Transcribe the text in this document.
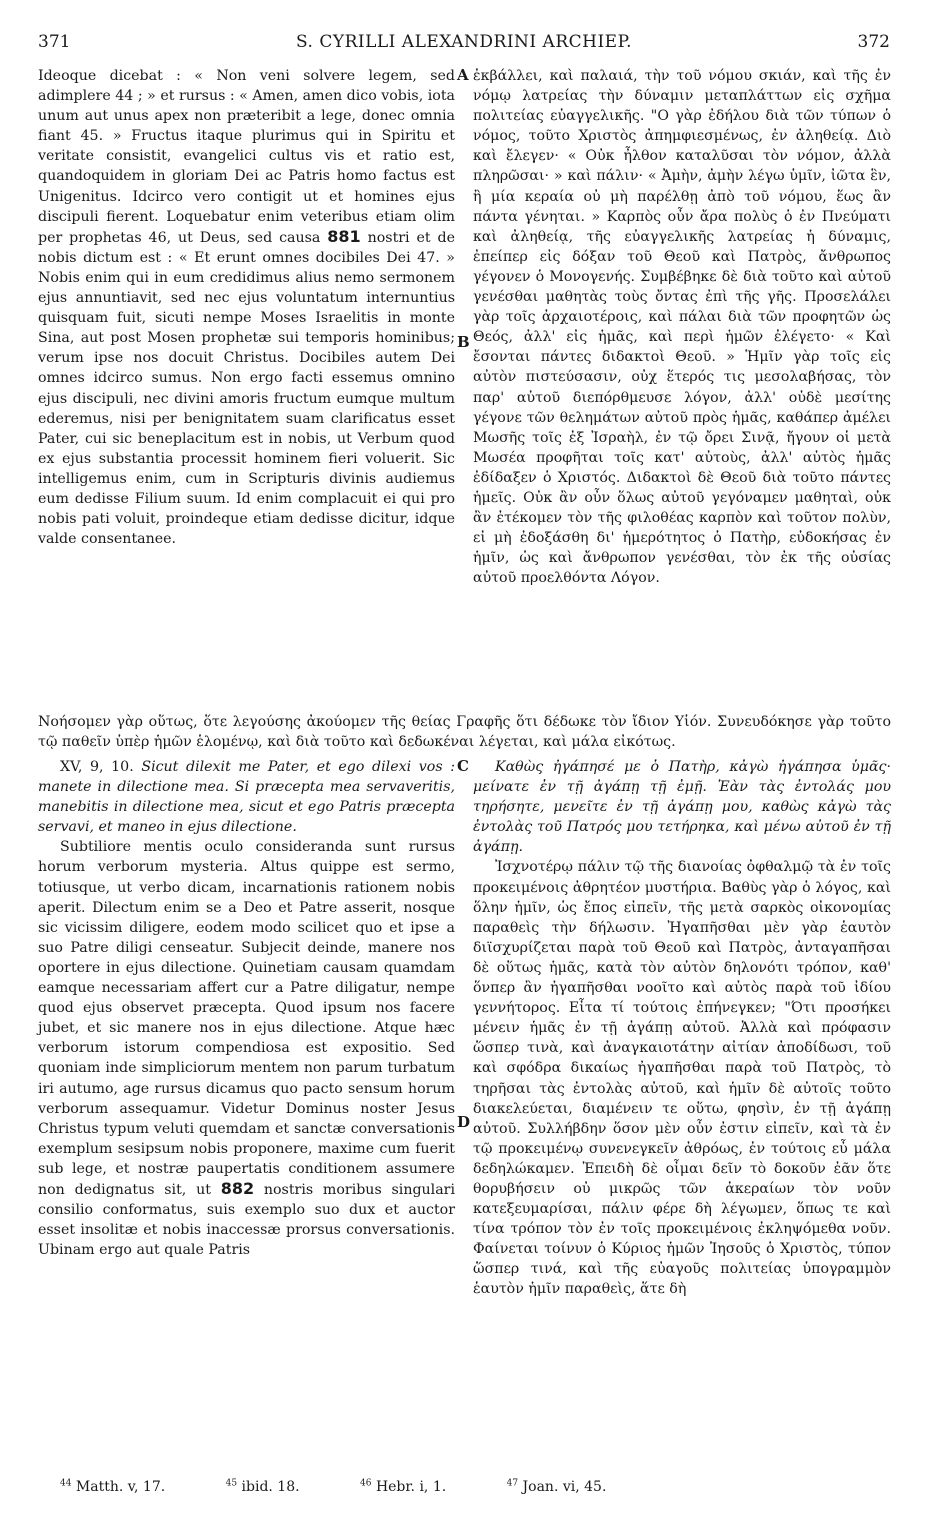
371	S. CYRILLI ALEXANDRINI ARCHIEP.	372
A
B
C
D

Ideoque dicebat : « Non veni solvere legem, sed adimplere 44 ; » et rursus : « Amen, amen dico vobis, iota unum aut unus apex non præteribit a lege, donec omnia fiant 45. » Fructus itaque plurimus qui in Spiritu et veritate consistit, evangelici cultus vis et ratio est, quandoquidem in gloriam Dei ac Patris homo factus est Unigenitus. Idcirco vero contigit ut et homines ejus discipuli fierent. Loquebatur enim veteribus etiam olim per prophetas 46, ut Deus, sed causa 881 nostri et de nobis dictum est : « Et erunt omnes docibiles Dei 47. » Nobis enim qui in eum credidimus alius nemo sermonem ejus annuntiavit, sed nec ejus voluntatum internuntius quisquam fuit, sicuti nempe Moses Israelitis in monte Sina, aut post Mosen prophetæ sui temporis hominibus; verum ipse nos docuit Christus. Docibiles autem Dei omnes idcirco sumus. Non ergo facti essemus omnino ejus discipuli, nec divini amoris fructum eumque multum ederemus, nisi per benignitatem suam clarificatus esset Pater, cui sic beneplacitum est in nobis, ut Verbum quod ex ejus substantia processit hominem fieri voluerit. Sic intelligemus enim, cum in Scripturis divinis audiemus eum dedisse Filium suum. Id enim complacuit ei qui pro nobis pati voluit, proindeque etiam dedisse dicitur, idque valde consentanee.

ἐκβάλλει, καὶ παλαιά, τὴν τοῦ νόμου σκιάν, καὶ τῆς ἐν νόμῳ λατρείας τὴν δύναμιν μεταπλάττων εἰς σχῆμα πολιτείας εὐαγγελικῆς. "Ο γὰρ ἐδήλου διὰ τῶν τύπων ὁ νόμος, τοῦτο Χριστὸς ἀπημφιεσμένως, ἐν ἀληθείᾳ. Διὸ καὶ ἔλεγεν· « Οὐκ ἦλθον καταλῦσαι τὸν νόμον, ἀλλὰ πληρῶσαι· » καὶ πάλιν· « Ἀμὴν, ἀμὴν λέγω ὑμῖν, ἰῶτα ἓν, ἢ μία κεραία οὐ μὴ παρέλθῃ ἀπὸ τοῦ νόμου, ἕως ἂν πάντα γένηται. » Καρπὸς οὖν ἄρα πολὺς ὁ ἐν Πνεύματι καὶ ἀληθείᾳ, τῆς εὐαγγελικῆς λατρείας ἡ δύναμις, ἐπείπερ εἰς δόξαν τοῦ Θεοῦ καὶ Πατρὸς, ἄνθρωπος γέγονεν ὁ Μονογενής. Συμβέβηκε δὲ διὰ τοῦτο καὶ αὐτοῦ γενέσθαι μαθητὰς τοὺς ὄντας ἐπὶ τῆς γῆς. Προσελάλει γὰρ τοῖς ἀρχαιοτέροις, καὶ πάλαι διὰ τῶν προφητῶν ὡς Θεός, ἀλλ' εἰς ἡμᾶς, καὶ περὶ ἡμῶν ἐλέγετο· « Καὶ ἔσονται πάντες διδακτοὶ Θεοῦ. » Ἡμῖν γὰρ τοῖς εἰς αὐτὸν πιστεύσασιν, οὐχ ἕτερός τις μεσολαβήσας, τὸν παρ' αὐτοῦ διεπόρθμευσε λόγον, ἀλλ' οὐδὲ μεσίτης γέγονε τῶν θελημάτων αὐτοῦ πρὸς ἡμᾶς, καθάπερ ἀμέλει Μωσῆς τοῖς ἐξ Ἰσραὴλ, ἐν τῷ ὄρει Σινᾷ, ἤγουν οἱ μετὰ Μωσέα προφῆται τοῖς κατ' αὐτοὺς, ἀλλ' αὐτὸς ἡμᾶς ἐδίδαξεν ὁ Χριστός. Διδακτοὶ δὲ Θεοῦ διὰ τοῦτο πάντες ἡμεῖς. Οὐκ ἂν οὖν ὅλως αὐτοῦ γεγόναμεν μαθηταὶ, οὐκ ἂν ἐτέκομεν τὸν τῆς φιλοθέας καρπὸν καὶ τοῦτον πολὺν, εἰ μὴ ἐδοξάσθη δι' ἡμερότητος ὁ Πατὴρ, εὐδοκήσας ἐν ἡμῖν, ὡς καὶ ἄνθρωπον γενέσθαι, τὸν ἐκ τῆς οὐσίας αὐτοῦ προελθόντα Λόγον.

Νοήσομεν γὰρ οὕτως, ὅτε λεγούσης ἀκούομεν τῆς θείας Γραφῆς ὅτι δέδωκε τὸν ἴδιον Υἱόν. Συνευδόκησε γὰρ τοῦτο τῷ παθεῖν ὑπὲρ ἡμῶν ἑλομένῳ, καὶ διὰ τοῦτο καὶ δεδωκέναι λέγεται, καὶ μάλα εἰκότως.

XV, 9, 10. Sicut dilexit me Pater, et ego dilexi vos : manete in dilectione mea. Si præcepta mea servaveritis, manebitis in dilectione mea, sicut et ego Patris præcepta servavi, et maneo in ejus dilectione.

Subtiliore mentis oculo consideranda sunt rursus horum verborum mysteria. Altus quippe est sermo, totiusque, ut verbo dicam, incarnationis rationem nobis aperit. Dilectum enim se a Deo et Patre asserit, nosque sic vicissim diligere, eodem modo scilicet quo et ipse a suo Patre diligi censeatur. Subjecit deinde, manere nos oportere in ejus dilectione. Quinetiam causam quamdam eamque necessariam affert cur a Patre diligatur, nempe quod ejus observet præcepta. Quod ipsum nos facere jubet, et sic manere nos in ejus dilectione. Atque hæc verborum istorum compendiosa est expositio. Sed quoniam inde simpliciorum mentem non parum turbatum iri autumo, age rursus dicamus quo pacto sensum horum verborum assequamur. Videtur Dominus noster Jesus Christus typum veluti quemdam et sanctæ conversationis exemplum sesipsum nobis proponere, maxime cum fuerit sub lege, et nostræ paupertatis conditionem assumere non dedignatus sit, ut 882 nostris moribus singulari consilio conformatus, suis exemplo suo dux et auctor esset insolitæ et nobis inaccessæ prorsus conversationis. Ubinam ergo aut quale Patris

Καθὼς ἠγάπησέ με ὁ Πατὴρ, κἀγὼ ἠγάπησα ὑμᾶς· μείνατε ἐν τῇ ἀγάπῃ τῇ ἐμῇ. Ἐὰν τὰς ἐντολάς μου τηρήσητε, μενεῖτε ἐν τῇ ἀγάπῃ μου, καθὼς κἀγὼ τὰς ἐντολὰς τοῦ Πατρός μου τετήρηκα, καὶ μένω αὐτοῦ ἐν τῇ ἀγάπῃ.

Ἰσχνοτέρῳ πάλιν τῷ τῆς διανοίας ὀφθαλμῷ τὰ ἐν τοῖς προκειμένοις ἀθρητέον μυστήρια. Βαθὺς γὰρ ὁ λόγος, καὶ ὅλην ἡμῖν, ὡς ἔπος εἰπεῖν, τῆς μετὰ σαρκὸς οἰκονομίας παραθεὶς τὴν δήλωσιν. Ἠγαπῆσθαι μὲν γὰρ ἑαυτὸν διϊσχυρίζεται παρὰ τοῦ Θεοῦ καὶ Πατρὸς, ἀνταγαπῆσαι δὲ οὕτως ἡμᾶς, κατὰ τὸν αὐτὸν δηλονότι τρόπον, καθ' ὅνπερ ἂν ἠγαπῆσθαι νοοῖτο καὶ αὐτὸς παρὰ τοῦ ἰδίου γεννήτορος. Εἶτα τί τούτοις ἐπήνεγκεν; "Ότι προσήκει μένειν ἡμᾶς ἐν τῇ ἀγάπῃ αὐτοῦ. Ἀλλὰ καὶ πρόφασιν ὥσπερ τινὰ, καὶ ἀναγκαιοτάτην αἰτίαν ἀποδίδωσι, τοῦ καὶ σφόδρα δικαίως ἠγαπῆσθαι παρὰ τοῦ Πατρὸς, τὸ τηρῆσαι τὰς ἐντολὰς αὐτοῦ, καὶ ἡμῖν δὲ αὐτοῖς τοῦτο διακελεύεται, διαμένειν τε οὕτω, φησὶν, ἐν τῇ ἀγάπῃ αὐτοῦ. Συλλήβδην ὅσον μὲν οὖν ἐστιν εἰπεῖν, καὶ τὰ ἐν τῷ προκειμένῳ συνενεγκεῖν ἀθρόως, ἐν τούτοις εὖ μάλα δεδηλώκαμεν. Ἐπειδὴ δὲ οἶμαι δεῖν τὸ δοκοῦν ἐᾶν ὅτε θορυβήσειν οὐ μικρῶς τῶν ἀκεραίων τὸν νοῦν κατεξευμαρίσαι, πάλιν φέρε δὴ λέγωμεν, ὅπως τε καὶ τίνα τρόπον τὸν ἐν τοῖς προκειμένοις ἐκληψόμεθα νοῦν. Φαίνεται τοίνυν ὁ Κύριος ἡμῶν Ἰησοῦς ὁ Χριστὸς, τύπον ὥσπερ τινά, καὶ τῆς εὐαγοῦς πολιτείας ὑπογραμμὸν ἑαυτὸν ἡμῖν παραθεὶς, ἅτε δὴ

$^{44}$ Matth. v, 17.	$^{45}$ ibid. 18.	$^{46}$ Hebr. i, 1.	$^{47}$ Joan. vi, 45.
